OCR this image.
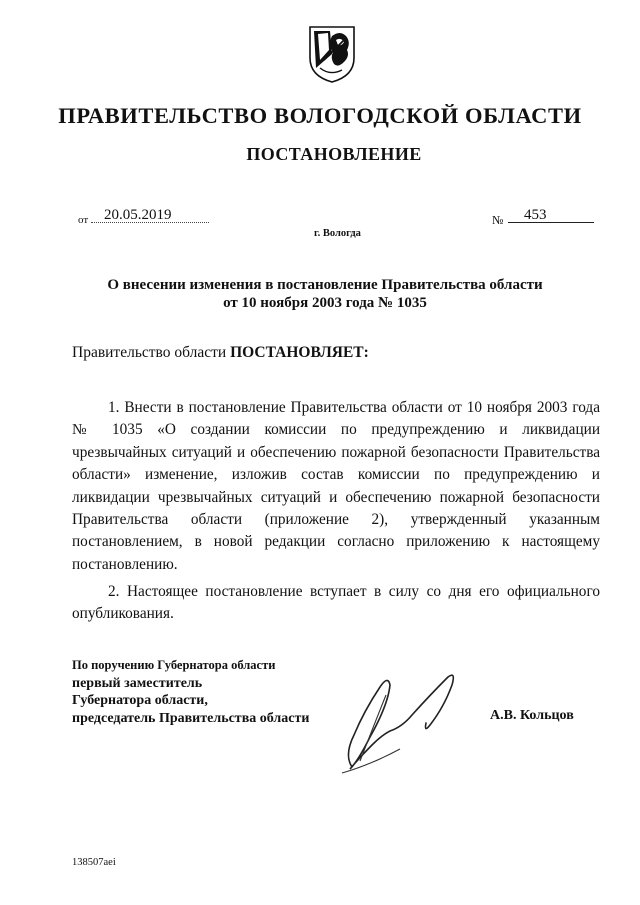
ПРАВИТЕЛЬСТВО ВОЛОГОДСКОЙ ОБЛАСТИ
ПОСТАНОВЛЕНИЕ
от 20.05.2019	№ 453
г. Вологда
О внесении изменения в постановление Правительства области
от 10 ноября 2003 года № 1035
Правительство области ПОСТАНОВЛЯЕТ:
1. Внести в постановление Правительства области от 10 ноября 2003 года № 1035 «О создании комиссии по предупреждению и ликвидации чрезвычайных ситуаций и обеспечению пожарной безопасности Правительства области» изменение, изложив состав комиссии по предупреждению и ликвидации чрезвычайных ситуаций и обеспечению пожарной безопасности Правительства области (приложение 2), утвержденный указанным постановлением, в новой редакции согласно приложению к настоящему постановлению.
2. Настоящее постановление вступает в силу со дня его официального опубликования.
По поручению Губернатора области
первый заместитель
Губернатора области,
председатель Правительства области	А.В. Кольцов
138507aei
